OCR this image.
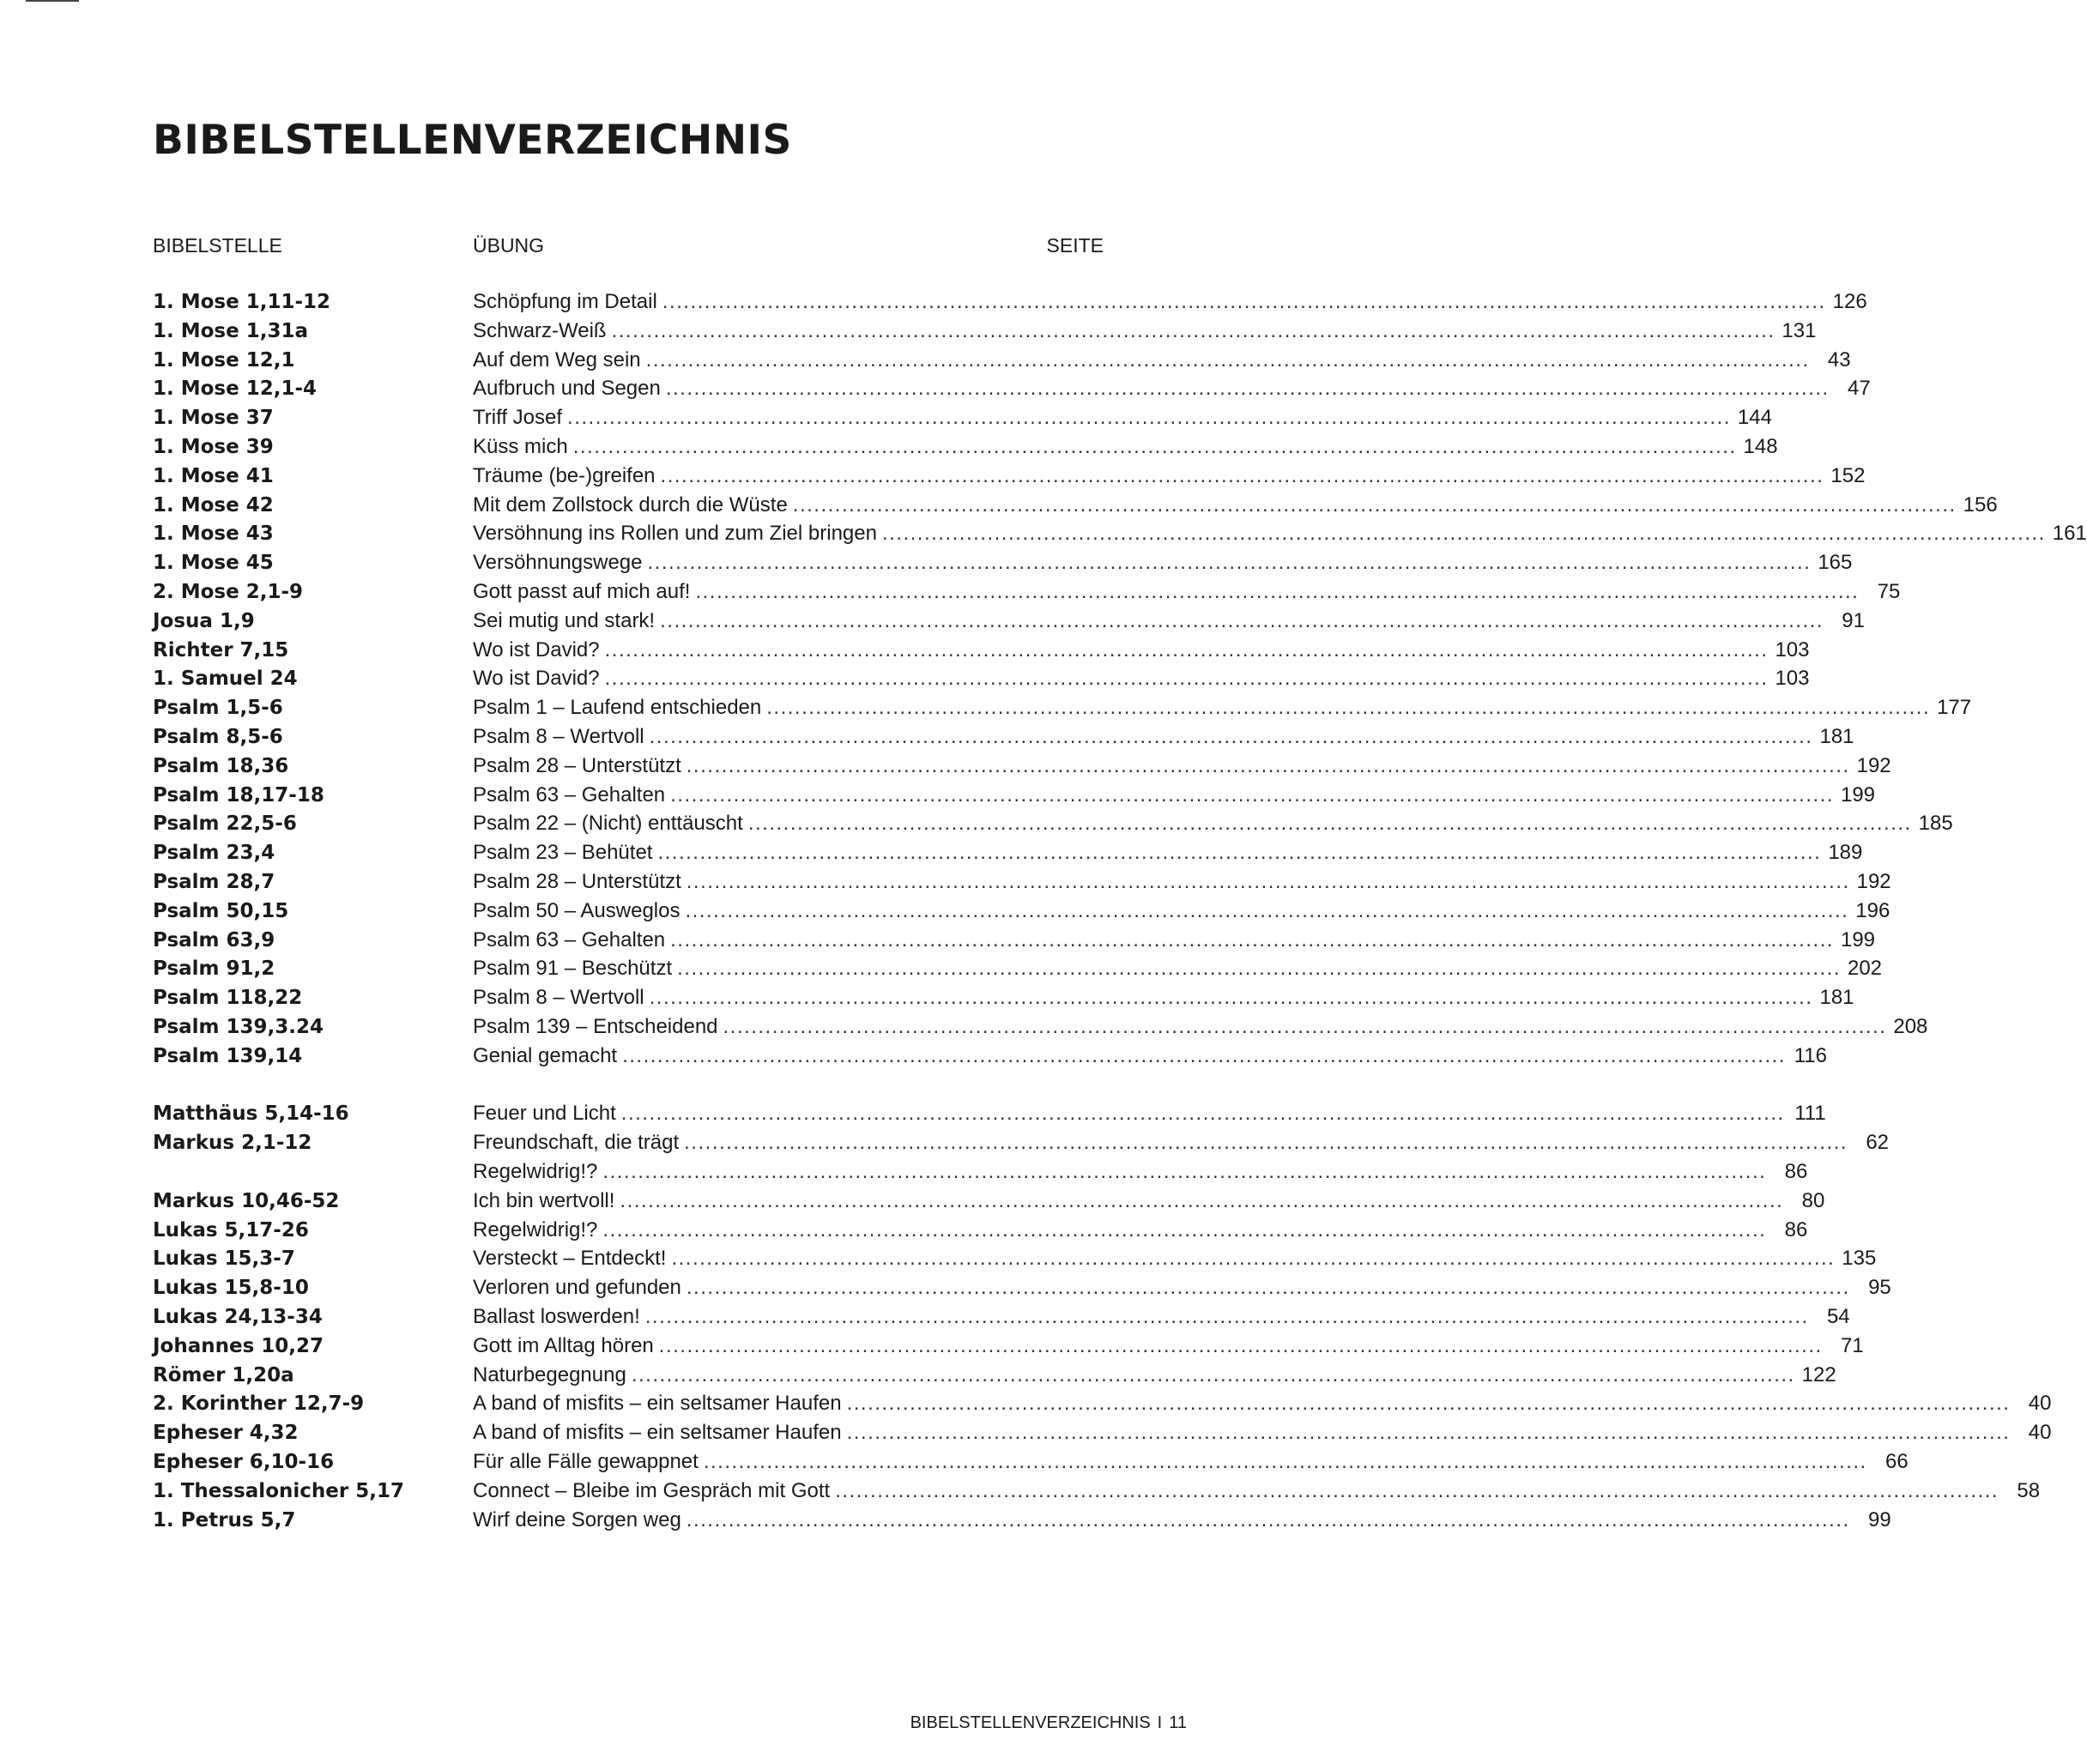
BIBELSTELLENVERZEICHNIS
BIBELSTELLE	ÜBUNG	SEITE
1. Mose 1,11-12	Schöpfung im Detail ...................................................................................................................................................................... 126
1. Mose 1,31a	Schwarz-Weiß ...................................................................................................................................................................... 131
1. Mose 12,1	Auf dem Weg sein ...................................................................................................................................................................... 43
1. Mose 12,1-4	Aufbruch und Segen ...................................................................................................................................................................... 47
1. Mose 37	Triff Josef ...................................................................................................................................................................... 144
1. Mose 39	Küss mich ...................................................................................................................................................................... 148
1. Mose 41	Träume (be-)greifen ...................................................................................................................................................................... 152
1. Mose 42	Mit dem Zollstock durch die Wüste ...................................................................................................................................................................... 156
1. Mose 43	Versöhnung ins Rollen und zum Ziel bringen ...................................................................................................................................................................... 161
1. Mose 45	Versöhnungswege ...................................................................................................................................................................... 165
2. Mose 2,1-9	Gott passt auf mich auf! ...................................................................................................................................................................... 75
Josua 1,9	Sei mutig und stark! ...................................................................................................................................................................... 91
Richter 7,15	Wo ist David? ...................................................................................................................................................................... 103
1. Samuel 24	Wo ist David? ...................................................................................................................................................................... 103
Psalm 1,5-6	Psalm 1 – Laufend entschieden ...................................................................................................................................................................... 177
Psalm 8,5-6	Psalm 8 – Wertvoll ...................................................................................................................................................................... 181
Psalm 18,36	Psalm 28 – Unterstützt ...................................................................................................................................................................... 192
Psalm 18,17-18	Psalm 63 – Gehalten ...................................................................................................................................................................... 199
Psalm 22,5-6	Psalm 22 – (Nicht) enttäuscht ...................................................................................................................................................................... 185
Psalm 23,4	Psalm 23 – Behütet ...................................................................................................................................................................... 189
Psalm 28,7	Psalm 28 – Unterstützt ...................................................................................................................................................................... 192
Psalm 50,15	Psalm 50 – Ausweglos ...................................................................................................................................................................... 196
Psalm 63,9	Psalm 63 – Gehalten ...................................................................................................................................................................... 199
Psalm 91,2	Psalm 91 – Beschützt ...................................................................................................................................................................... 202
Psalm 118,22	Psalm 8 – Wertvoll ...................................................................................................................................................................... 181
Psalm 139,3.24	Psalm 139 – Entscheidend ...................................................................................................................................................................... 208
Psalm 139,14	Genial gemacht ...................................................................................................................................................................... 116
Matthäus 5,14-16	Feuer und Licht ...................................................................................................................................................................... 111
Markus 2,1-12	Freundschaft, die trägt ...................................................................................................................................................................... 62
Regelwidrig!? ...................................................................................................................................................................... 86
Markus 10,46-52	Ich bin wertvoll! ...................................................................................................................................................................... 80
Lukas 5,17-26	Regelwidrig!? ...................................................................................................................................................................... 86
Lukas 15,3-7	Versteckt – Entdeckt! ...................................................................................................................................................................... 135
Lukas 15,8-10	Verloren und gefunden ...................................................................................................................................................................... 95
Lukas 24,13-34	Ballast loswerden! ...................................................................................................................................................................... 54
Johannes 10,27	Gott im Alltag hören ...................................................................................................................................................................... 71
Römer 1,20a	Naturbegegnung ...................................................................................................................................................................... 122
2. Korinther 12,7-9	A band of misfits – ein seltsamer Haufen ...................................................................................................................................................................... 40
Epheser 4,32	A band of misfits – ein seltsamer Haufen ...................................................................................................................................................................... 40
Epheser 6,10-16	Für alle Fälle gewappnet ...................................................................................................................................................................... 66
1. Thessalonicher 5,17	Connect – Bleibe im Gespräch mit Gott ...................................................................................................................................................................... 58
1. Petrus 5,7	Wirf deine Sorgen weg ...................................................................................................................................................................... 99
BIBELSTELLENVERZEICHNIS I 11
